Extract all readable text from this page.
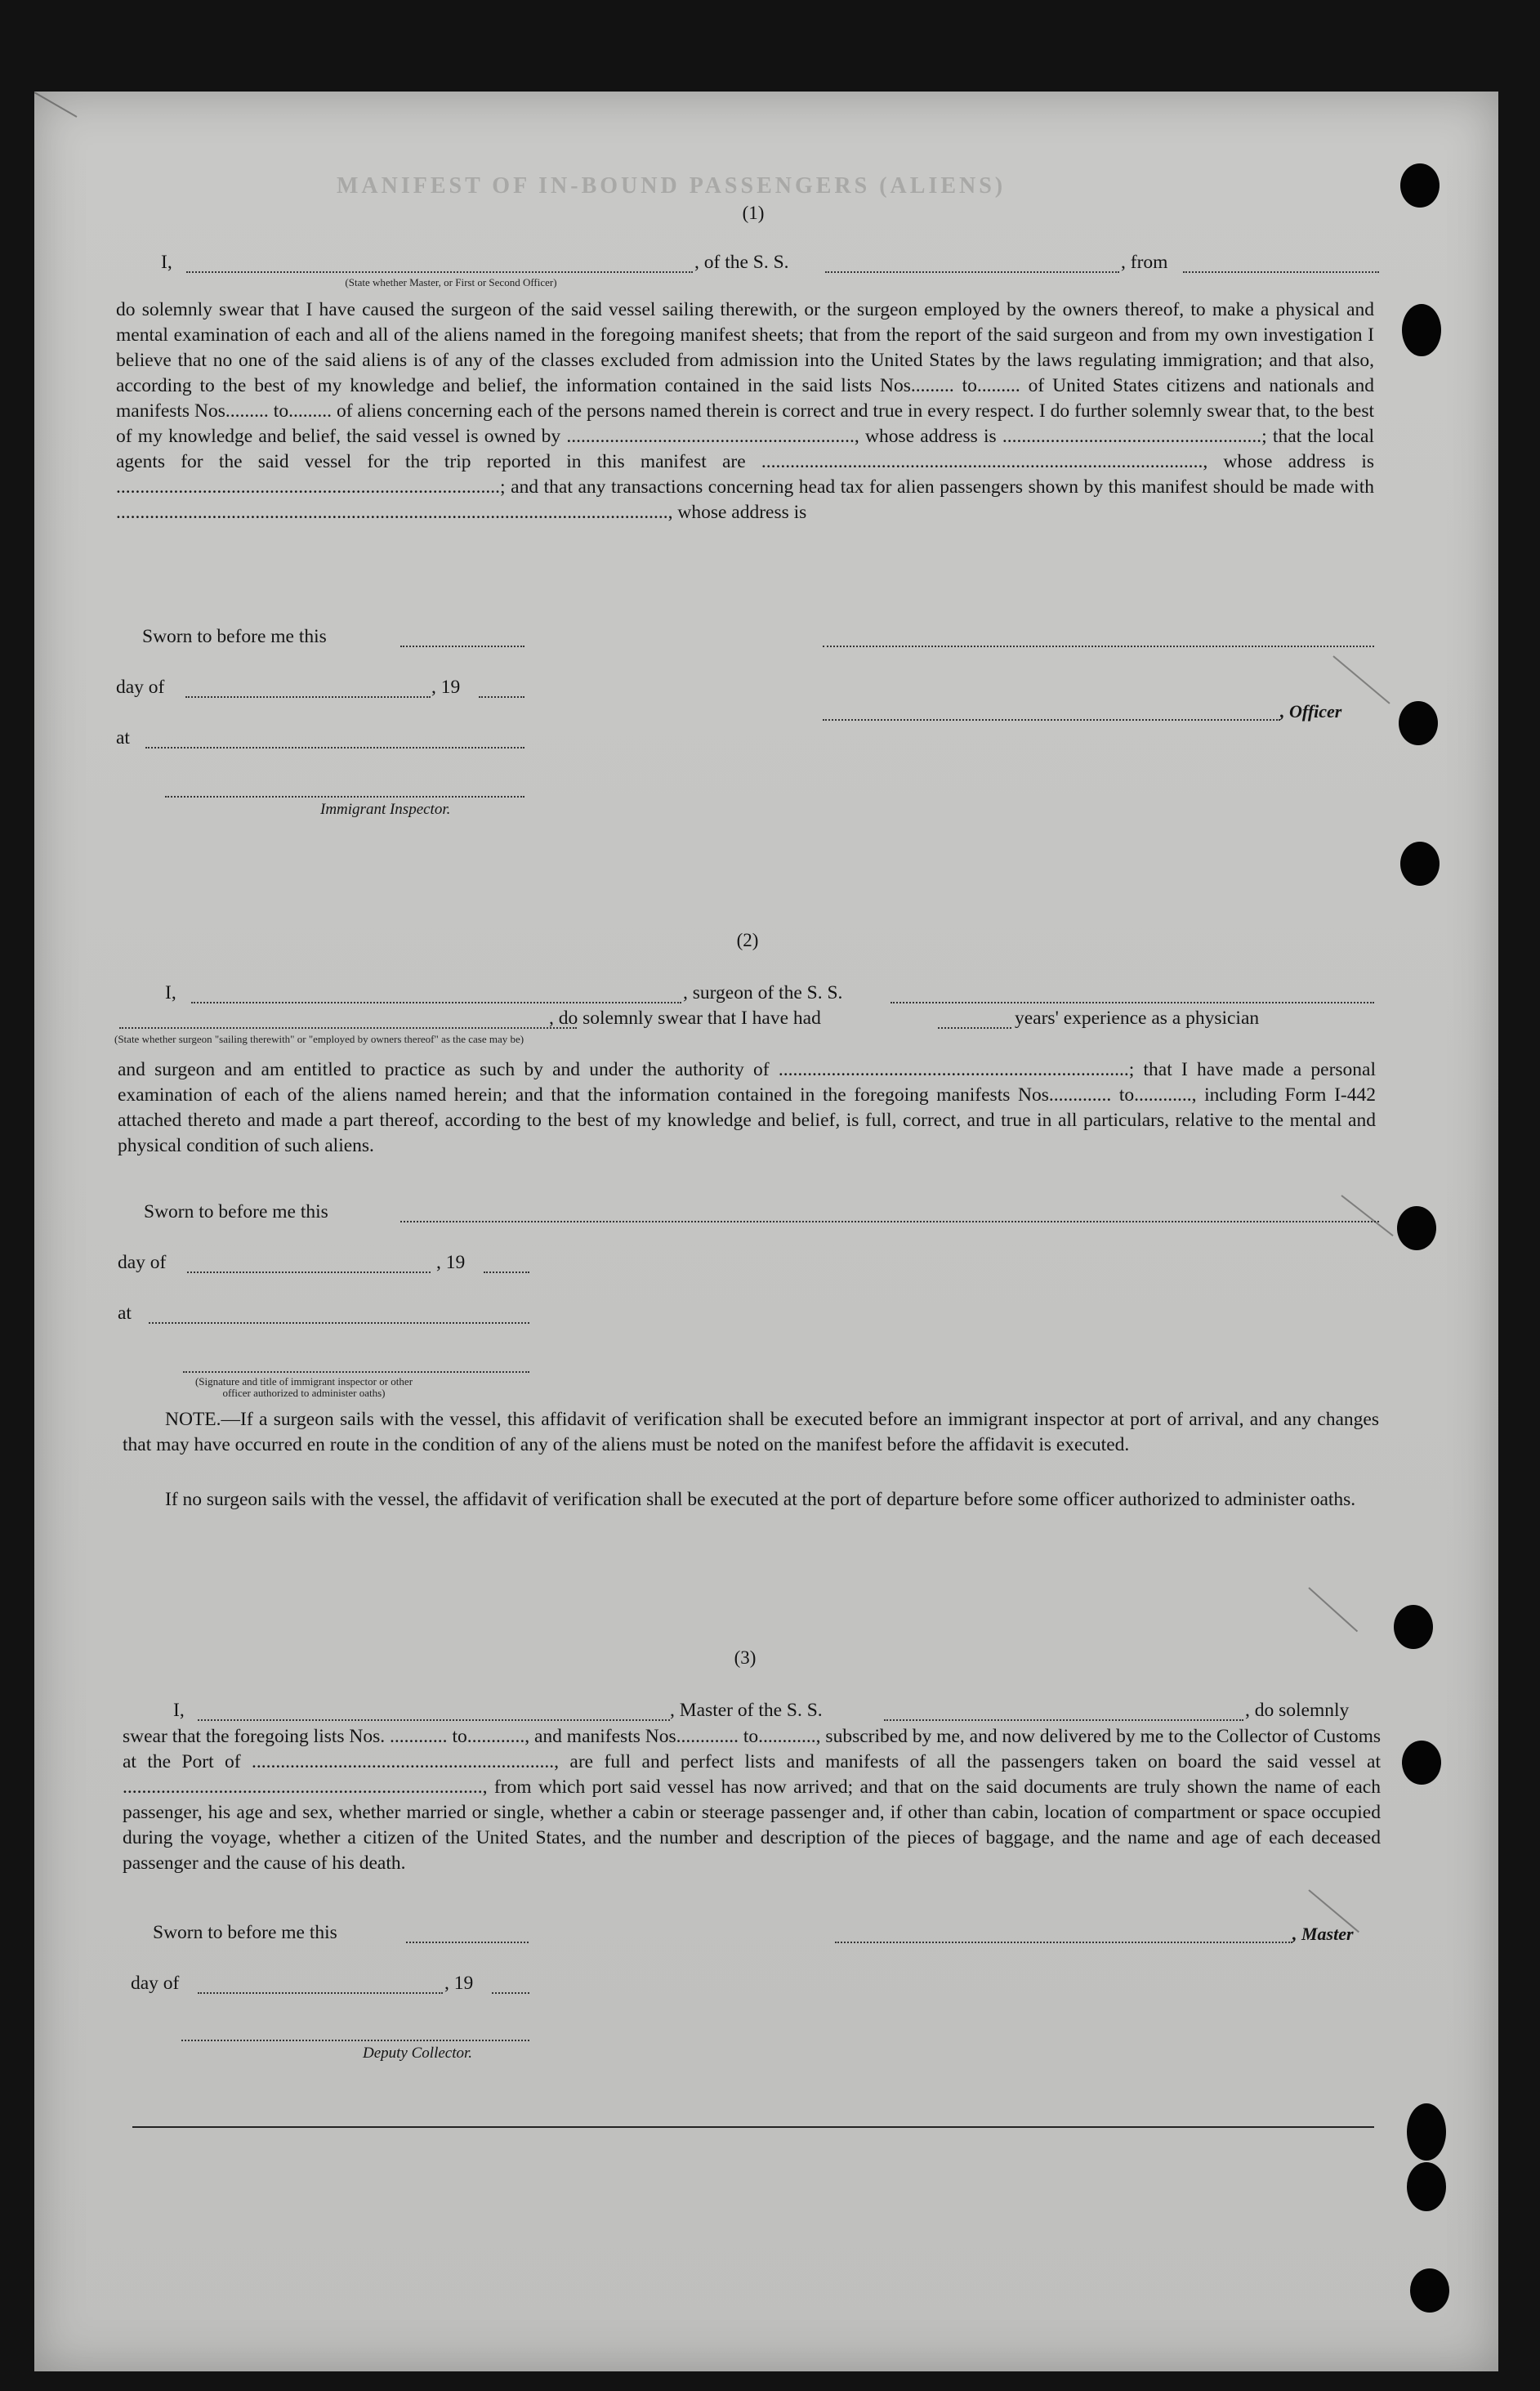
MANIFEST OF IN-BOUND PASSENGERS (ALIENS)
(1)
I,	, of the S. S.	, from
(State whether Master, or First or Second Officer)
do solemnly swear that I have caused the surgeon of the said vessel sailing therewith, or the surgeon employed by the owners thereof, to make a physical and mental examination of each and all of the aliens named in the foregoing manifest sheets; that from the report of the said surgeon and from my own investigation I believe that no one of the said aliens is of any of the classes excluded from admission into the United States by the laws regulating immigration; and that also, according to the best of my knowledge and belief, the information contained in the said lists Nos......... to......... of United States citizens and nationals and manifests Nos......... to......... of aliens concerning each of the persons named therein is correct and true in every respect. I do further solemnly swear that, to the best of my knowledge and belief, the said vessel is owned by ............................................................, whose address is ......................................................; that the local agents for the said vessel for the trip reported in this manifest are ............................................................................................, whose address is ................................................................................; and that any transactions concerning head tax for alien passengers shown by this manifest should be made with ..................................................................................................................., whose address is
Sworn to before me this
day of	, 19
, Officer
at
Immigrant Inspector.
(2)
I,	, surgeon of the S. S.
, do solemnly swear that I have had	years' experience as a physician
(State whether surgeon "sailing therewith" or "employed by owners thereof" as the case may be)
and surgeon and am entitled to practice as such by and under the authority of .........................................................................; that I have made a personal examination of each of the aliens named herein; and that the information contained in the foregoing manifests Nos............. to............, including Form I-442 attached thereto and made a part thereof, according to the best of my knowledge and belief, is full, correct, and true in all particulars, relative to the mental and physical condition of such aliens.
Sworn to before me this
day of	, 19
at
(Signature and title of immigrant inspector or other officer authorized to administer oaths)
NOTE.—If a surgeon sails with the vessel, this affidavit of verification shall be executed before an immigrant inspector at port of arrival, and any changes that may have occurred en route in the condition of any of the aliens must be noted on the manifest before the affidavit is executed.
If no surgeon sails with the vessel, the affidavit of verification shall be executed at the port of departure before some officer authorized to administer oaths.
(3)
I,	, Master of the S. S.	, do solemnly
swear that the foregoing lists Nos. ............ to............, and manifests Nos............. to............, subscribed by me, and now delivered by me to the Collector of Customs at the Port of ..............................................................., are full and perfect lists and manifests of all the passengers taken on board the said vessel at ..........................................................................., from which port said vessel has now arrived; and that on the said documents are truly shown the name of each passenger, his age and sex, whether married or single, whether a cabin or steerage passenger and, if other than cabin, location of compartment or space occupied during the voyage, whether a citizen of the United States, and the number and description of the pieces of baggage, and the name and age of each deceased passenger and the cause of his death.
Sworn to before me this	, Master
day of	, 19
Deputy Collector.
